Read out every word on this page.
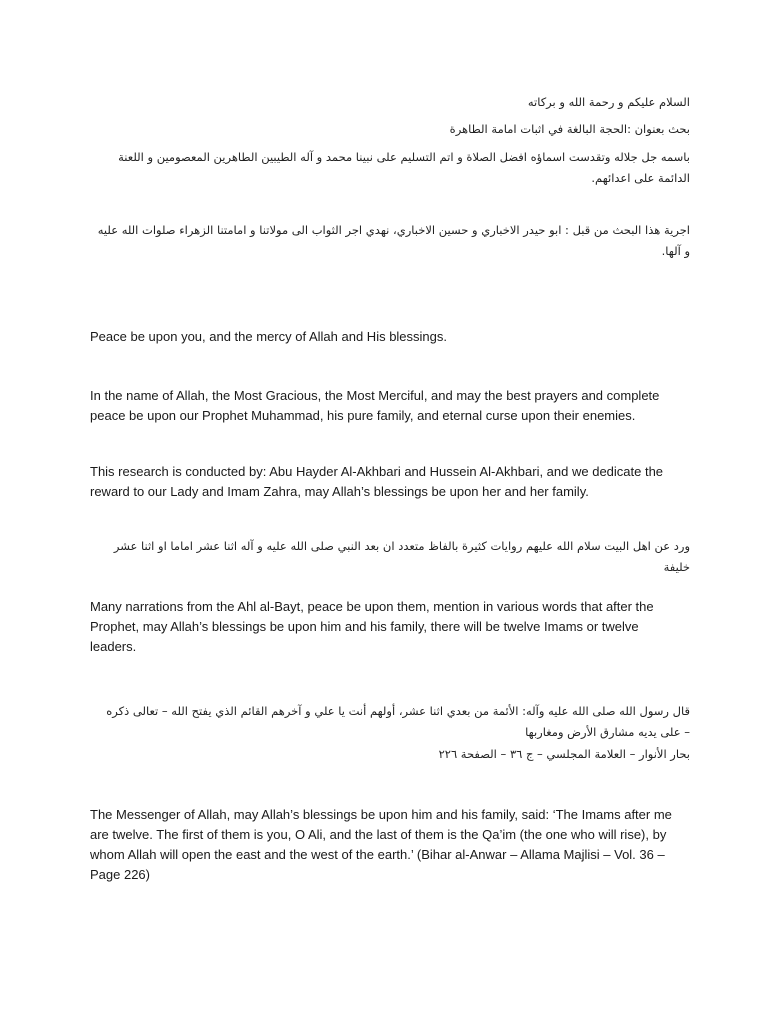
السلام عليكم و رحمة الله و بركاته

بحث بعنوان :الحجة البالغة في اثبات امامة الطاهرة

باسمه جل جلاله وتقدست اسماؤه افضل الصلاة و اتم التسليم على نبينا محمد و آله الطيبين الطاهرين المعصومين و اللعنة الدائمة على اعدائهم.

اجرية هذا البحث من قبل : ابو حيدر الاخباري و حسين الاخباري، نهدي اجر الثواب الى مولاتنا و امامتنا الزهراء صلوات الله عليه و آلها.

Peace be upon you, and the mercy of Allah and His blessings.

In the name of Allah, the Most Gracious, the Most Merciful, and may the best prayers and complete peace be upon our Prophet Muhammad, his pure family, and eternal curse upon their enemies.

This research is conducted by: Abu Hayder Al-Akhbari and Hussein Al-Akhbari, and we dedicate the reward to our Lady and Imam Zahra, may Allah’s blessings be upon her and her family.

ورد عن اهل البيت سلام الله عليهم روايات كثيرة بالفاظ متعدد ان بعد النبي صلى الله عليه و آله اثنا عشر اماما او اثنا عشر خليفة

Many narrations from the Ahl al-Bayt, peace be upon them, mention in various words that after the Prophet, may Allah’s blessings be upon him and his family, there will be twelve Imams or twelve leaders.

قال رسول الله صلى الله عليه وآله: الأئمة من بعدي اثنا عشر، أولهم أنت يا علي و آخرهم القائم الذي يفتح الله – تعالى ذكره – على يديه مشارق الأرض ومغاربها

بحار الأنوار – العلامة المجلسي – ج ٣٦ – الصفحة ٢٢٦

The Messenger of Allah, may Allah’s blessings be upon him and his family, said: ‘The Imams after me are twelve. The first of them is you, O Ali, and the last of them is the Qa’im (the one who will rise), by whom Allah will open the east and the west of the earth.’ (Bihar al-Anwar – Allama Majlisi – Vol. 36 – Page 226)
